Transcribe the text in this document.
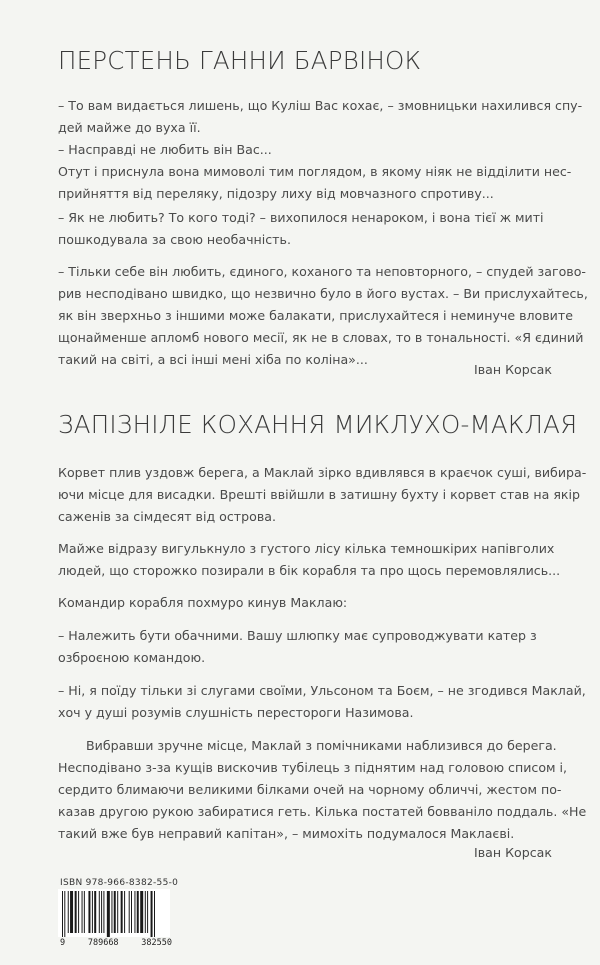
ПЕРСТЕНЬ ГАННИ БАРВІНОК

– То вам видається лишень, що Куліш Вас кохає, – змовницьки нахилився спу-
дей майже до вуха її.
– Насправді не любить він Вас...
Отут і приснула вона мимоволі тим поглядом, в якому ніяк не відділити нес-
прийняття від переляку, підозру лиху від мовчазного спротиву...

– Як не любить? То кого тоді? – вихопилося ненароком, і вона тієї ж миті
пошкодувала за свою необачність.

– Тільки себе він любить, єдиного, коханого та неповторного, – спудей загово-
рив несподівано швидко, що незвично було в його вустах. – Ви прислухайтесь,
як він зверхньо з іншими може балакати, прислухайтеся і неминуче вловите
щонайменше апломб нового месії, як не в словах, то в тональності. «Я єдиний
такий на світі, а всі інші мені хіба по коліна»...

Іван Корсак
ЗАПІЗНІЛЕ КОХАННЯ МИКЛУХО-МАКЛАЯ

Корвет плив уздовж берега, а Маклай зірко вдивлявся в краєчок суші, вибира-
ючи місце для висадки. Врешті ввійшли в затишну бухту і корвет став на якір
саженів за сімдесят від острова.

Майже відразу вигулькнуло з густого лісу кілька темношкірих напівголих
людей, що сторожко позирали в бік корабля та про щось перемовлялись...

Командир корабля похмуро кинув Маклаю:

– Належить бути обачними. Вашу шлюпку має супроводжувати катер з
озброєною командою.

– Ні, я поїду тільки зі слугами своїми, Ульсоном та Боєм, – не згодився Маклай,
хоч у душі розумів слушність перестороги Назимова.

Вибравши зручне місце, Маклай з помічниками наблизився до берега.
Несподівано з-за кущів вискочив тубілець з піднятим над головою списом і,
сердито блимаючи великими білками очей на чорному обличчі, жестом по-
казав другою рукою забиратися геть. Кілька постатей бовваніло поддаль. «Не
такий вже був неправий капітан», – мимохіть подумалося Маклаєві.

Іван Корсак
ISBN 978-966-8382-55-0
9	789668	382550
